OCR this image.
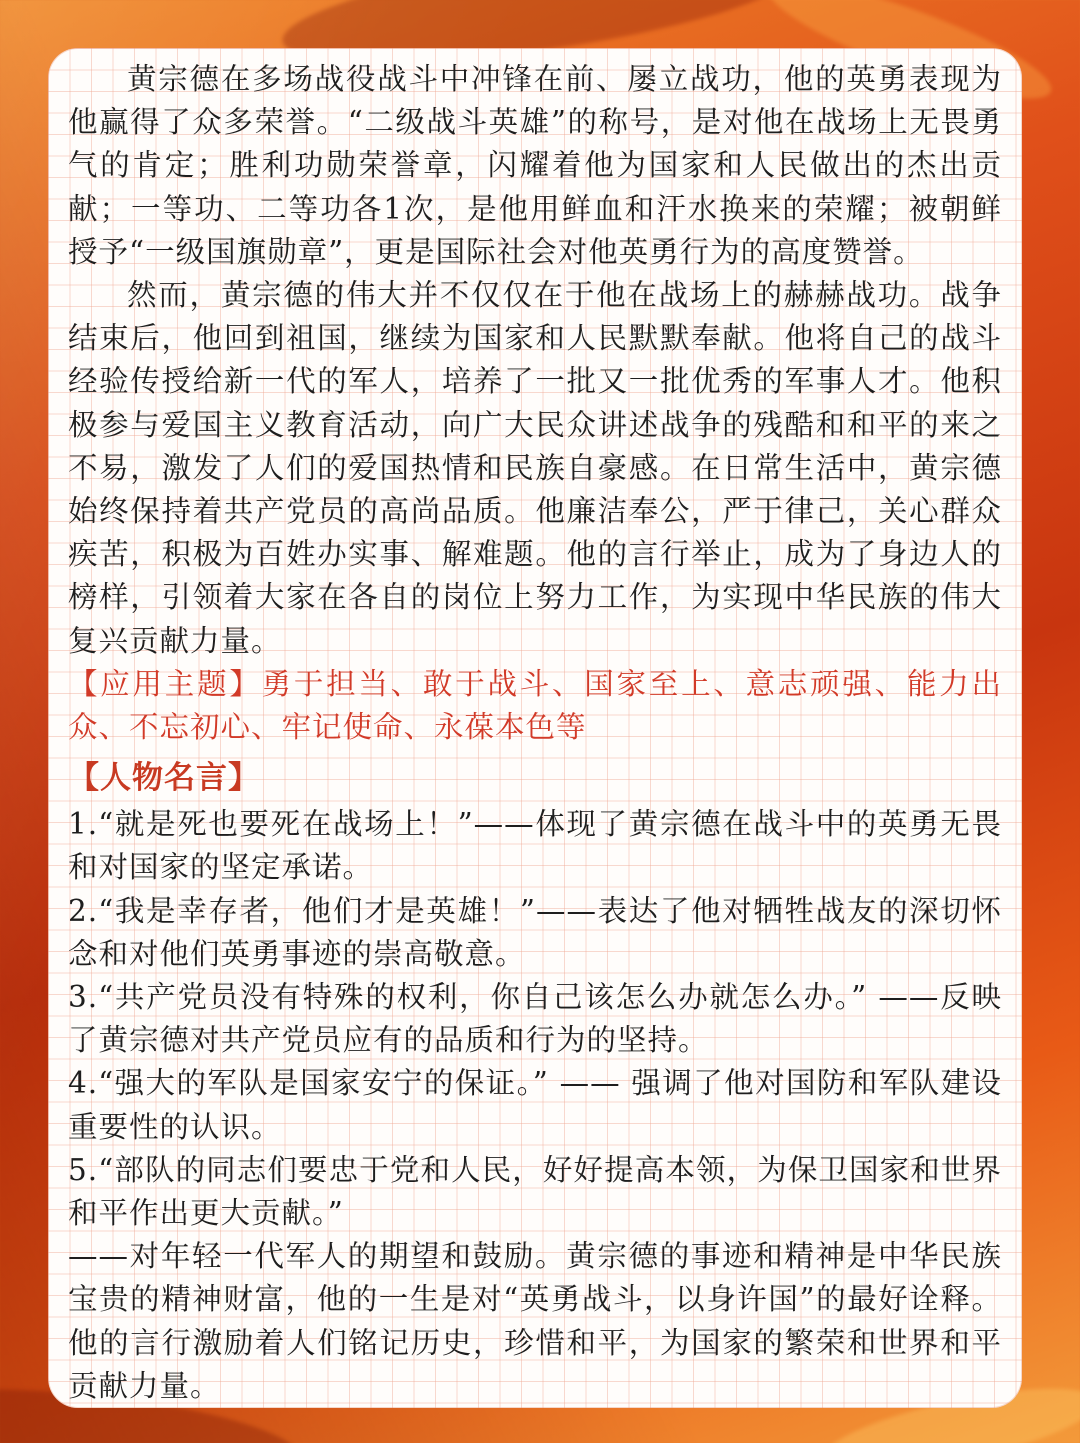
黄宗德在多场战役战斗中冲锋在前、屡立战功，他的英勇表现为他赢得了众多荣誉。“二级战斗英雄”的称号，是对他在战场上无畏勇气的肯定；胜利功勋荣誉章，闪耀着他为国家和人民做出的杰出贡献；一等功、二等功各1次，是他用鲜血和汗水换来的荣耀；被朝鲜授予“一级国旗勋章”，更是国际社会对他英勇行为的高度赞誉。

然而，黄宗德的伟大并不仅仅在于他在战场上的赫赫战功。战争结束后，他回到祖国，继续为国家和人民默默奉献。他将自己的战斗经验传授给新一代的军人，培养了一批又一批优秀的军事人才。他积极参与爱国主义教育活动，向广大民众讲述战争的残酷和和平的来之不易，激发了人们的爱国热情和民族自豪感。在日常生活中，黄宗德始终保持着共产党员的高尚品质。他廉洁奉公，严于律己，关心群众疾苦，积极为百姓办实事、解难题。他的言行举止，成为了身边人的榜样，引领着大家在各自的岗位上努力工作，为实现中华民族的伟大复兴贡献力量。

【应用主题】勇于担当、敢于战斗、国家至上、意志顽强、能力出众、不忘初心、牢记使命、永葆本色等

【人物名言】

1.“就是死也要死在战场上！”——体现了黄宗德在战斗中的英勇无畏和对国家的坚定承诺。

2.“我是幸存者，他们才是英雄！”——表达了他对牺牲战友的深切怀念和对他们英勇事迹的崇高敬意。

3.“共产党员没有特殊的权利，你自己该怎么办就怎么办。” ——反映了黄宗德对共产党员应有的品质和行为的坚持。

4.“强大的军队是国家安宁的保证。” —— 强调了他对国防和军队建设重要性的认识。

5.“部队的同志们要忠于党和人民，好好提高本领，为保卫国家和世界和平作出更大贡献。”

——对年轻一代军人的期望和鼓励。黄宗德的事迹和精神是中华民族宝贵的精神财富，他的一生是对“英勇战斗，以身许国”的最好诠释。他的言行激励着人们铭记历史，珍惜和平，为国家的繁荣和世界和平贡献力量。
